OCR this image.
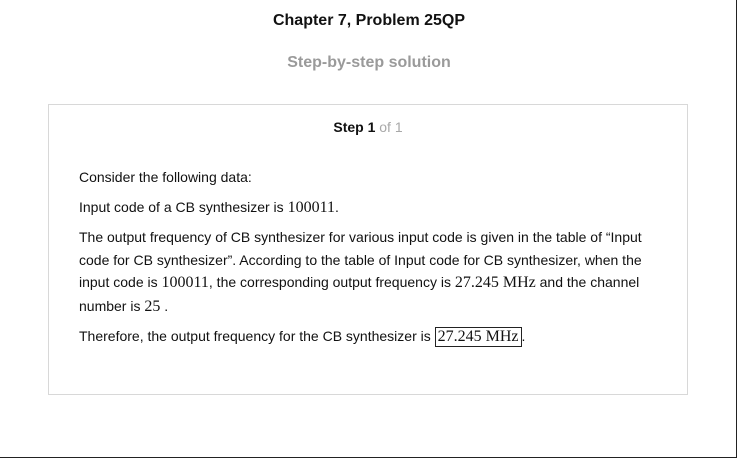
Chapter 7, Problem 25QP
Step-by-step solution
Step 1 of 1

Consider the following data:

Input code of a CB synthesizer is 100011.

The output frequency of CB synthesizer for various input code is given in the table of “Input code for CB synthesizer”. According to the table of Input code for CB synthesizer, when the input code is 100011, the corresponding output frequency is 27.245 MHz and the channel number is 25 .

Therefore, the output frequency for the CB synthesizer is 27.245 MHz .
